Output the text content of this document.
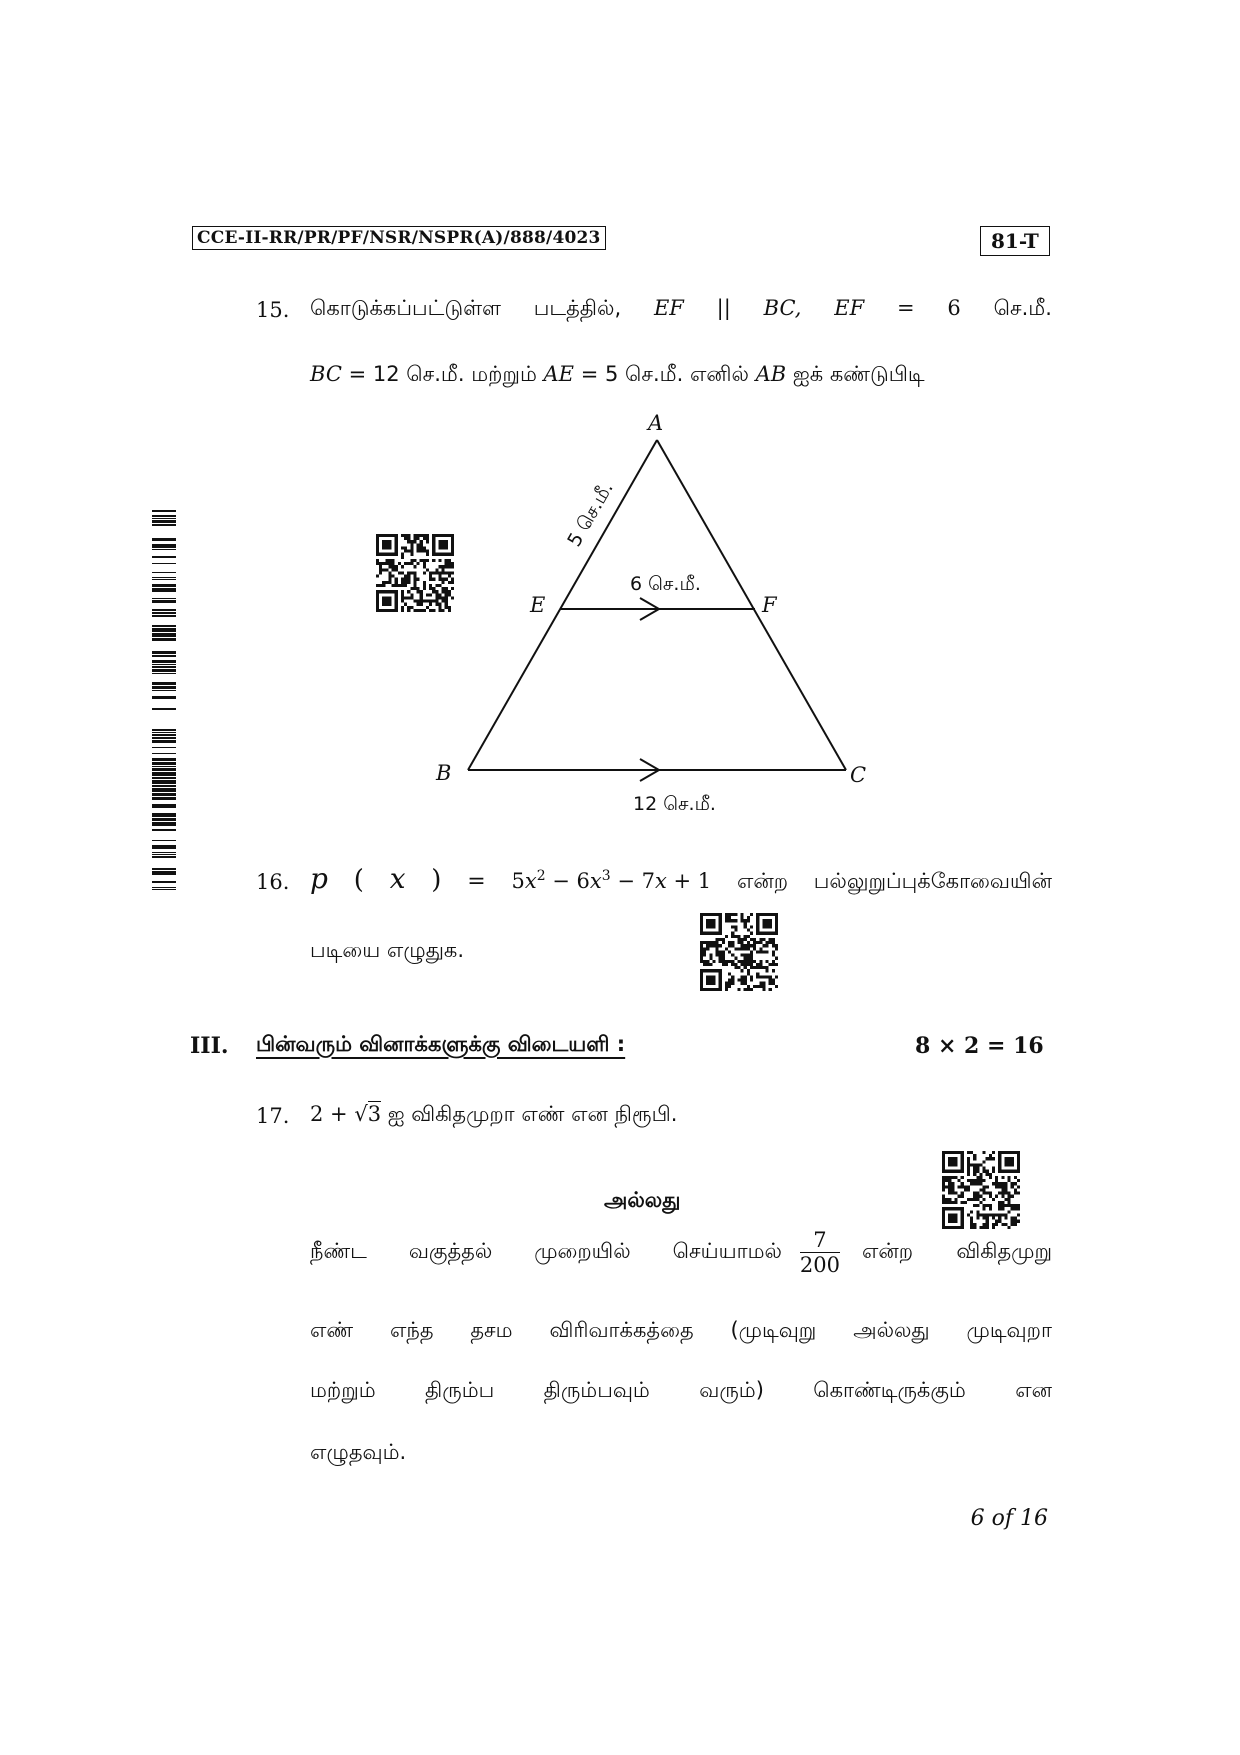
CCE-II-RR/PR/PF/NSR/NSPR(A)/888/4023	81-T
15. கொடுக்கப்பட்டுள்ள படத்தில், EF || BC, EF = 6 செ.மீ.
BC = 12 செ.மீ. மற்றும் AE = 5 செ.மீ. எனில் AB ஐக் கண்டுபிடி
A
E	F
B	C
5 செ.மீ.
6 செ.மீ.
12 செ.மீ.
16. p ( x ) = $5x^2 - 6x^3 - 7x + 1$ என்ற பல்லுறுப்புக்கோவையின்
படியை எழுதுக.
III. பின்வரும் வினாக்களுக்கு விடையளி :	8 × 2 = 16
17. 2 + √3 ஐ விகிதமுறா எண் என நிரூபி.
அல்லது
நீண்ட வகுத்தல் முறையில் செய்யாமல் $\frac{7}{200}$ என்ற விகிதமுறு
எண் எந்த தசம விரிவாக்கத்தை (முடிவுறு அல்லது முடிவுறா
மற்றும் திரும்ப திரும்பவும் வரும்) கொண்டிருக்கும் என
எழுதவும்.
6 of 16
